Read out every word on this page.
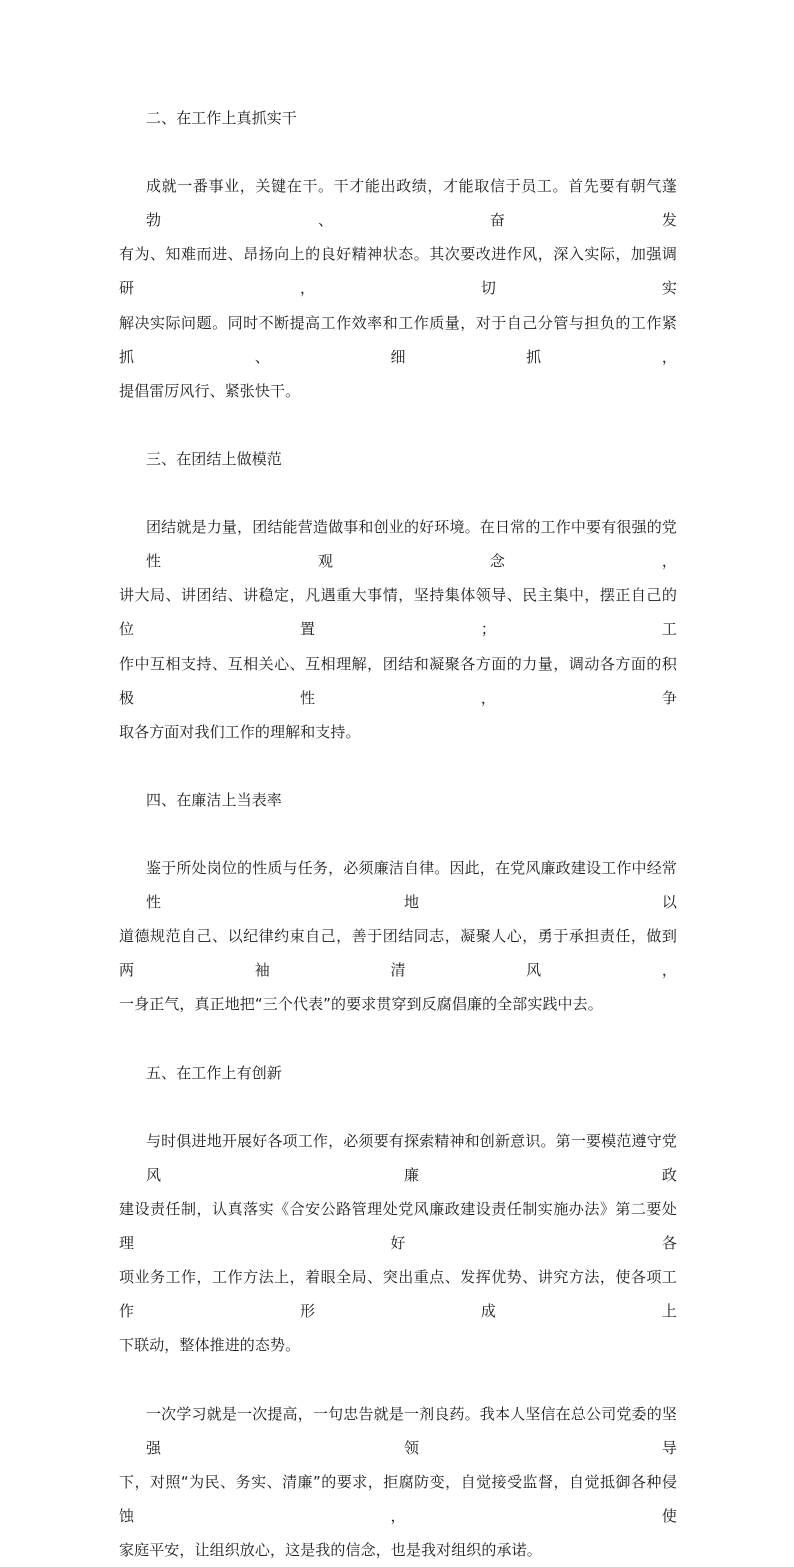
二、在工作上真抓实干
成就一番事业，关键在干。干才能出政绩，才能取信于员工。首先要有朝气蓬勃、奋发
有为、知难而进、昂扬向上的良好精神状态。其次要改进作风，深入实际，加强调研，切实
解决实际问题。同时不断提高工作效率和工作质量，对于自己分管与担负的工作紧抓、细抓，
提倡雷厉风行、紧张快干。
三、在团结上做模范
团结就是力量，团结能营造做事和创业的好环境。在日常的工作中要有很强的党性观念，
讲大局、讲团结、讲稳定，凡遇重大事情，坚持集体领导、民主集中，摆正自己的位置；工
作中互相支持、互相关心、互相理解，团结和凝聚各方面的力量，调动各方面的积极性，争
取各方面对我们工作的理解和支持。
四、在廉洁上当表率
鉴于所处岗位的性质与任务，必须廉洁自律。因此，在党风廉政建设工作中经常性地以
道德规范自己、以纪律约束自己，善于团结同志，凝聚人心，勇于承担责任，做到两袖清风，
一身正气，真正地把“三个代表”的要求贯穿到反腐倡廉的全部实践中去。
五、在工作上有创新
与时俱进地开展好各项工作，必须要有探索精神和创新意识。第一要模范遵守党风廉政
建设责任制，认真落实《合安公路管理处党风廉政建设责任制实施办法》第二要处理好各
项业务工作，工作方法上，着眼全局、突出重点、发挥优势、讲究方法，使各项工作形成上
下联动，整体推进的态势。
一次学习就是一次提高，一句忠告就是一剂良药。我本人坚信在总公司党委的坚强领导
下，对照“为民、务实、清廉”的要求，拒腐防变，自觉接受监督，自觉抵御各种侵蚀，使
家庭平安，让组织放心，这是我的信念，也是我对组织的承诺。
